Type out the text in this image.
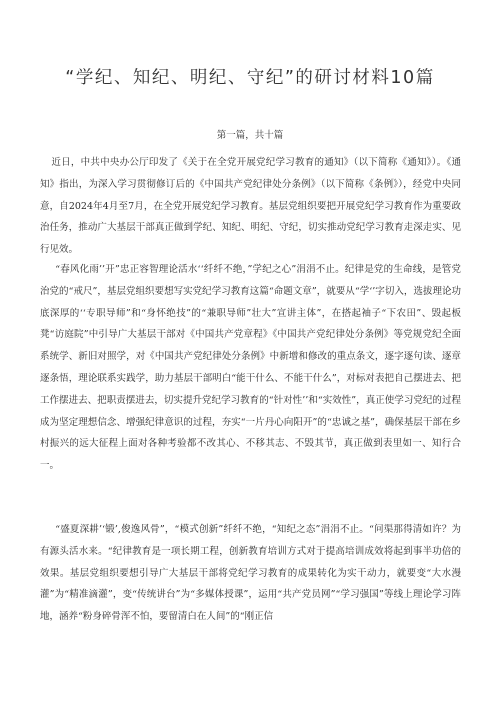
“学纪、知纪、明纪、守纪”的研讨材料10篇
第一篇，共十篇

近日，中共中央办公厅印发了《关于在全党开展党纪学习教育的通知》（以下简称《通知》）。《通知》指出，为深入学习贯彻修订后的《中国共产党纪律处分条例》（以下简称《条例》），经党中央同意，自2024年4月至7月，在全党开展党纪学习教育。基层党组织要把开展党纪学习教育作为重要政治任务，推动广大基层干部真正做到学纪、知纪、明纪、守纪，切实推动党纪学习教育走深走实、见行见效。

“春风化雨’’开”忠正容智理论活水‘‘纤纤不绝，”学纪之心”涓涓不止。纪律是党的生命线，是管党治党的“戒尺”，基层党组织要想写实党纪学习教育这篇“命题文章”，就要从“学‘’字切入，选拔理论功底深厚的‘‘专职导师”和“身怀绝技”的“兼职导师”壮大”宣讲主体”，在搭起袖子“下农田”、毁起板凳“访庭院”中引导广大基层干部对《中国共产党章程》《中国共产党纪律处分条例》等党规党纪全面系统学、新旧对照学，对《中国共产党纪律处分条例》中新增和修改的重点条文，逐字逐句读、逐章逐条悟，理论联系实践学，助力基层干部明白“能干什么、不能干什么”，对标对表把自己摆进去、把工作摆进去、把职责摆进去，切实提升党纪学习教育的“针对性’’和“实效性”，真正使学习党纪的过程成为坚定理想信念、增强纪律意识的过程，夯实“一片丹心向阳开”的“忠诚之基”，确保基层干部在乡村振兴的远大征程上面对各种考验都不改其心、不移其志、不毁其节，真正做到表里如一、知行合一。

“盛夏深耕’‘锻’,俊逸风骨”，“模式创新”纤纤不绝，“知纪之态”涓涓不止。“问渠那得清如许？为有源头活水来。“纪律教育是一项长期工程，创新教育培训方式对于提高培训成效将起到事半功倍的效果。基层党组织要想引导广大基层干部将党纪学习教育的成果转化为实干动力，就要变“大水漫灌”为“精准滴灌”，变“传统讲台”为“多媒体授课”，运用“共产党员网”“学习强国”等线上理论学习阵地，涵养“粉身碎骨浑不怕，要留清白在人间”的“刚正信
